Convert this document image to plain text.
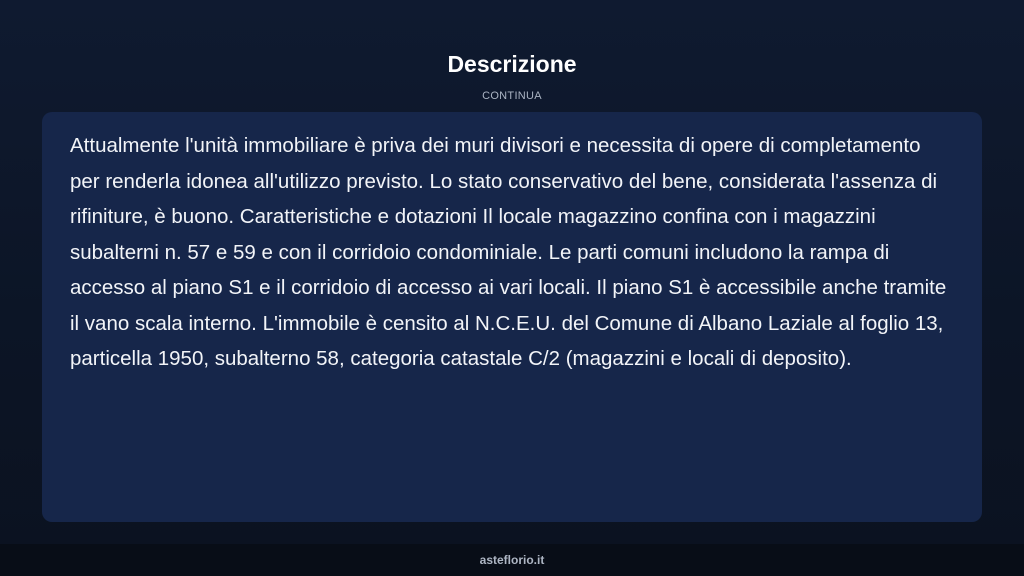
Descrizione
CONTINUA

Attualmente l'unità immobiliare è priva dei muri divisori e necessita di opere di completamento per renderla idonea all'utilizzo previsto. Lo stato conservativo del bene, considerata l'assenza di rifiniture, è buono. Caratteristiche e dotazioni Il locale magazzino confina con i magazzini subalterni n. 57 e 59 e con il corridoio condominiale. Le parti comuni includono la rampa di accesso al piano S1 e il corridoio di accesso ai vari locali. Il piano S1 è accessibile anche tramite il vano scala interno. L'immobile è censito al N.C.E.U. del Comune di Albano Laziale al foglio 13, particella 1950, subalterno 58, categoria catastale C/2 (magazzini e locali di deposito).

asteflorio.it
